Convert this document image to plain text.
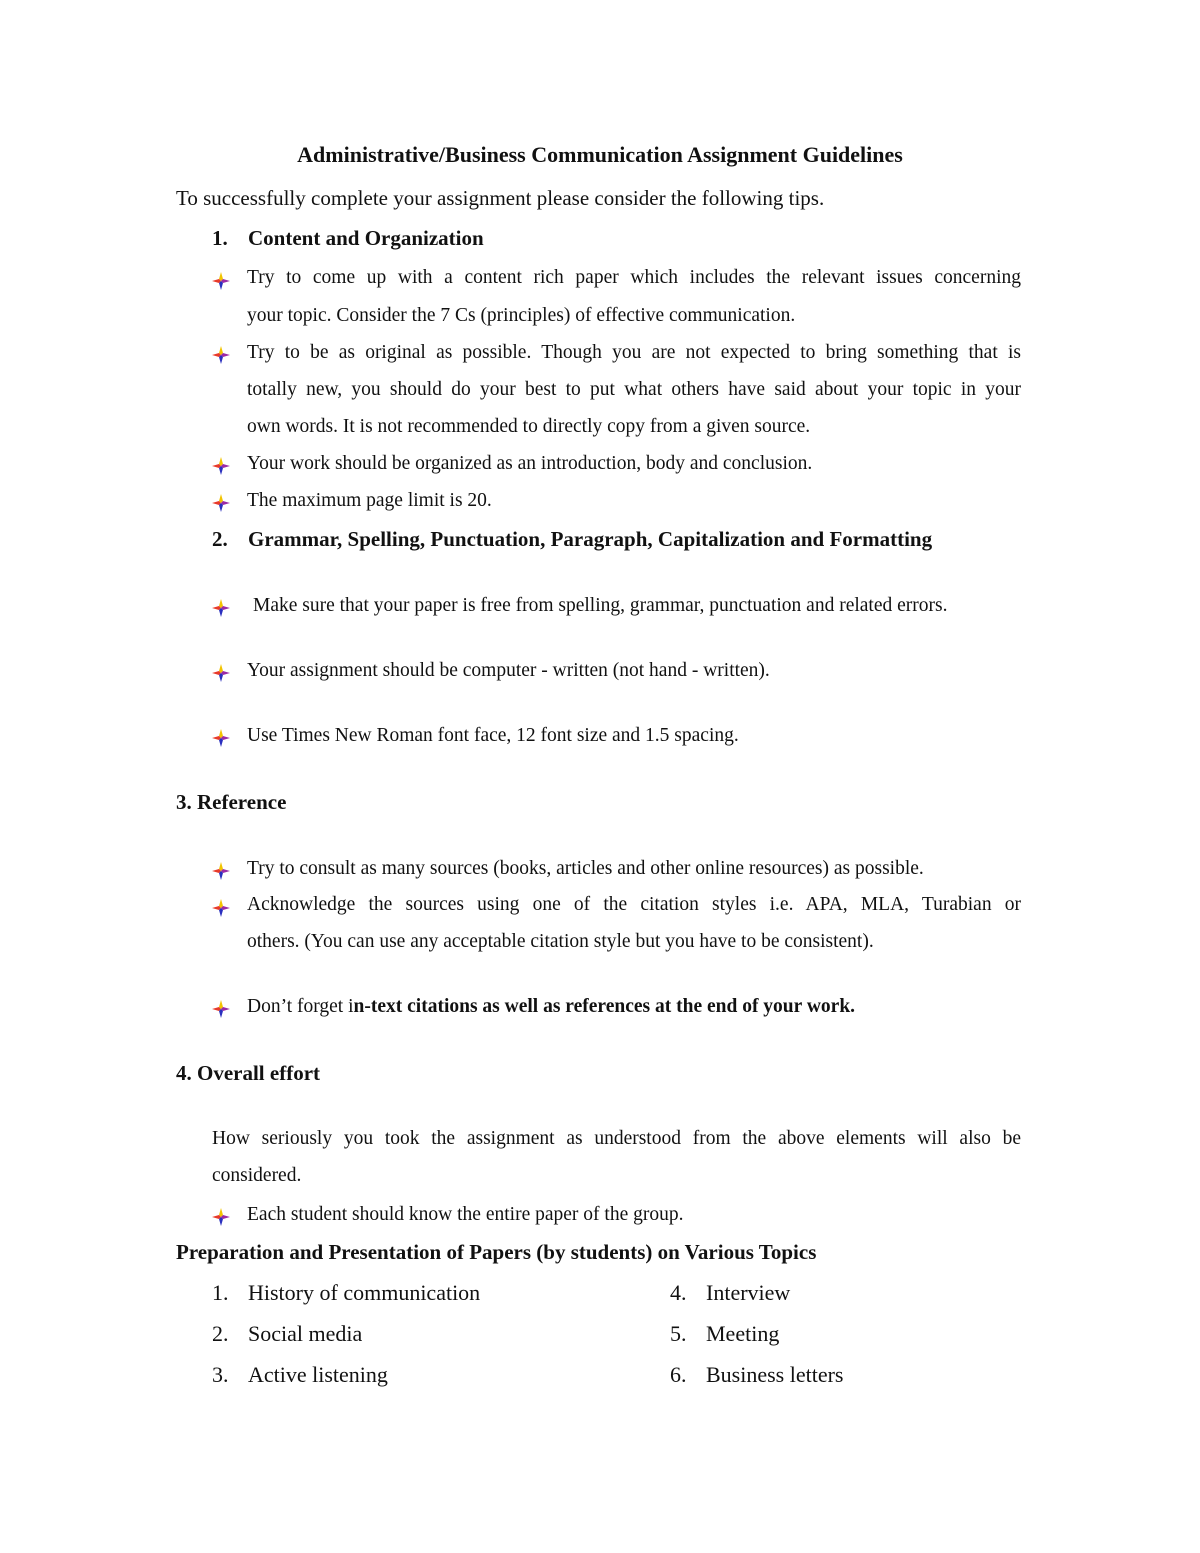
Administrative/Business Communication Assignment Guidelines
To successfully complete your assignment please consider the following tips.
1. Content and Organization
Try to come up with a content rich paper which includes the relevant issues concerning
your topic. Consider the 7 Cs (principles) of effective communication.
Try to be as original as possible. Though you are not expected to bring something that is
totally new, you should do your best to put what others have said about your topic in your
own words. It is not recommended to directly copy from a given source.
Your work should be organized as an introduction, body and conclusion.
The maximum page limit is 20.
2. Grammar, Spelling, Punctuation, Paragraph, Capitalization and Formatting
Make sure that your paper is free from spelling, grammar, punctuation and related errors.
Your assignment should be computer - written (not hand - written).
Use Times New Roman font face, 12 font size and 1.5 spacing.
3. Reference
Try to consult as many sources (books, articles and other online resources) as possible.
Acknowledge the sources using one of the citation styles i.e. APA, MLA, Turabian or
others. (You can use any acceptable citation style but you have to be consistent).
Don’t forget in-text citations as well as references at the end of your work.
4. Overall effort
How seriously you took the assignment as understood from the above elements will also be
considered.
Each student should know the entire paper of the group.
Preparation and Presentation of Papers (by students) on Various Topics
1. History of communication
2. Social media
3. Active listening
4. Interview
5. Meeting
6. Business letters
